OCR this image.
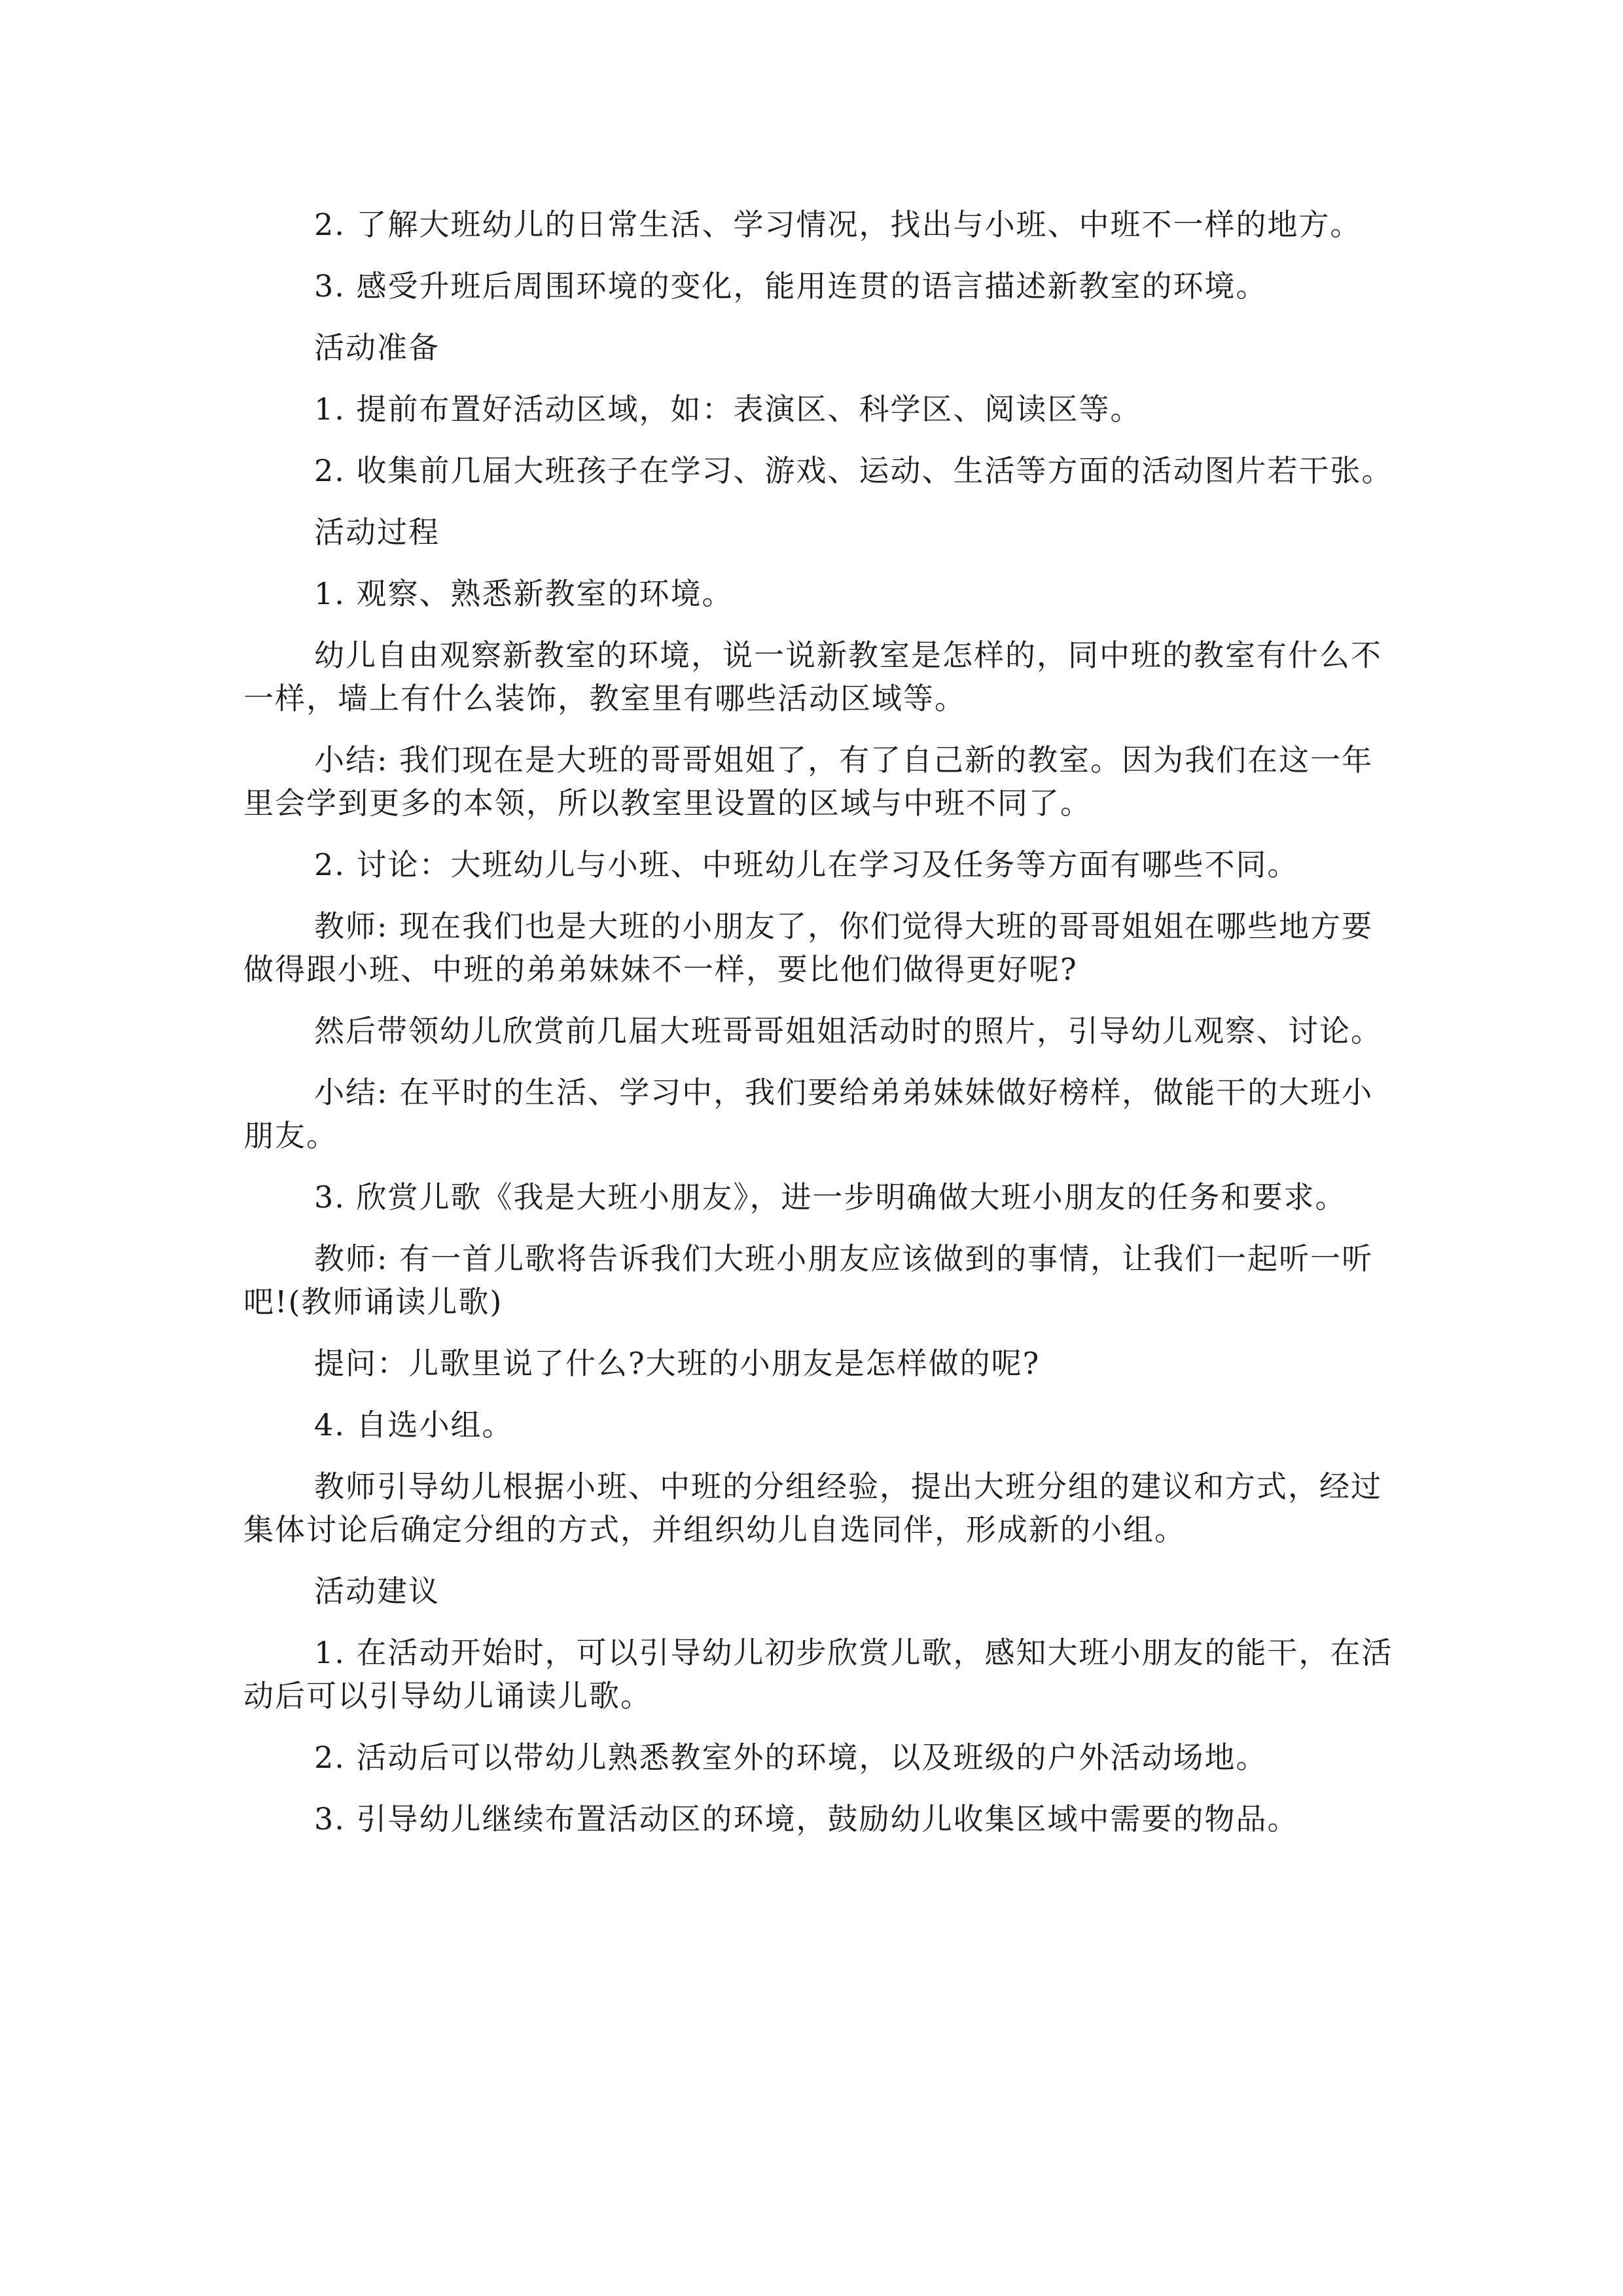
2. 了解大班幼儿的日常生活、学习情况，找出与小班、中班不一样的地方。

3. 感受升班后周围环境的变化，能用连贯的语言描述新教室的环境。

活动准备

1. 提前布置好活动区域，如：表演区、科学区、阅读区等。

2. 收集前几届大班孩子在学习、游戏、运动、生活等方面的活动图片若干张。

活动过程

1. 观察、熟悉新教室的环境。

幼儿自由观察新教室的环境，说一说新教室是怎样的，同中班的教室有什么不一样，墙上有什么装饰，教室里有哪些活动区域等。

小结: 我们现在是大班的哥哥姐姐了，有了自己新的教室。因为我们在这一年里会学到更多的本领，所以教室里设置的区域与中班不同了。

2. 讨论：大班幼儿与小班、中班幼儿在学习及任务等方面有哪些不同。

教师: 现在我们也是大班的小朋友了，你们觉得大班的哥哥姐姐在哪些地方要做得跟小班、中班的弟弟妹妹不一样，要比他们做得更好呢?

然后带领幼儿欣赏前几届大班哥哥姐姐活动时的照片，引导幼儿观察、讨论。

小结: 在平时的生活、学习中，我们要给弟弟妹妹做好榜样，做能干的大班小朋友。

3. 欣赏儿歌《我是大班小朋友》，进一步明确做大班小朋友的任务和要求。

教师: 有一首儿歌将告诉我们大班小朋友应该做到的事情，让我们一起听一听吧!(教师诵读儿歌)

提问：儿歌里说了什么?大班的小朋友是怎样做的呢?

4. 自选小组。

教师引导幼儿根据小班、中班的分组经验，提出大班分组的建议和方式，经过集体讨论后确定分组的方式，并组织幼儿自选同伴，形成新的小组。

活动建议

1. 在活动开始时，可以引导幼儿初步欣赏儿歌，感知大班小朋友的能干，在活动后可以引导幼儿诵读儿歌。

2. 活动后可以带幼儿熟悉教室外的环境，以及班级的户外活动场地。

3. 引导幼儿继续布置活动区的环境，鼓励幼儿收集区域中需要的物品。
